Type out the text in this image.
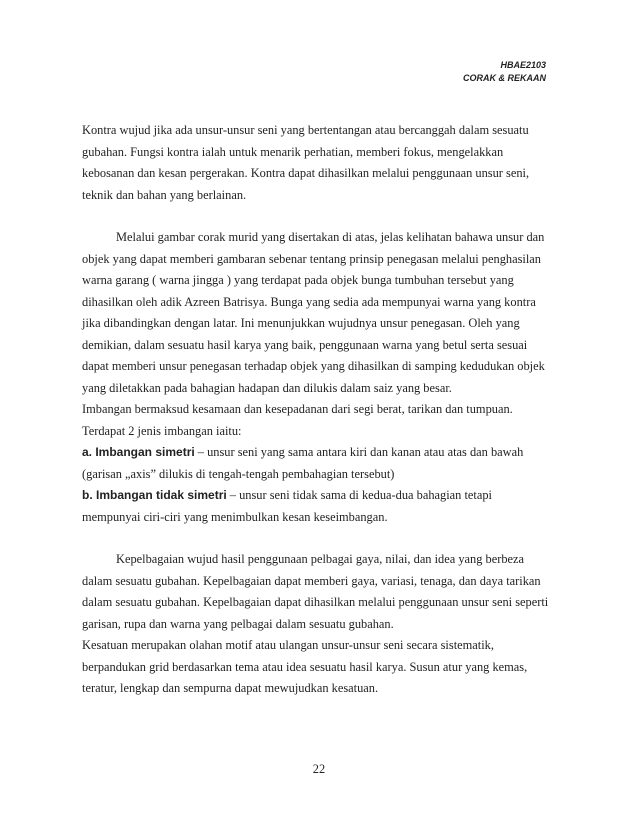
HBAE2103
CORAK & REKAAN

Kontra wujud jika ada unsur-unsur seni yang bertentangan atau bercanggah dalam sesuatu gubahan. Fungsi kontra ialah untuk menarik perhatian, memberi fokus, mengelakkan kebosanan dan kesan pergerakan. Kontra dapat dihasilkan melalui penggunaan unsur seni, teknik dan bahan yang berlainan.

Melalui gambar corak murid yang disertakan di atas, jelas kelihatan bahawa unsur dan objek yang dapat memberi gambaran sebenar tentang prinsip penegasan melalui penghasilan warna garang ( warna jingga ) yang terdapat pada objek bunga tumbuhan tersebut yang dihasilkan oleh adik Azreen Batrisya. Bunga yang sedia ada mempunyai warna yang kontra jika dibandingkan dengan latar. Ini menunjukkan wujudnya unsur penegasan. Oleh yang demikian, dalam sesuatu hasil karya yang baik, penggunaan warna yang betul serta sesuai dapat memberi unsur penegasan terhadap objek yang dihasilkan di samping kedudukan objek yang diletakkan pada bahagian hadapan dan dilukis dalam saiz yang besar.

Imbangan bermaksud kesamaan dan kesepadanan dari segi berat, tarikan dan tumpuan.

Terdapat 2 jenis imbangan iaitu:

a. Imbangan simetri – unsur seni yang sama antara kiri dan kanan atau atas dan bawah (garisan „axis” dilukis di tengah-tengah pembahagian tersebut)

b. Imbangan tidak simetri – unsur seni tidak sama di kedua-dua bahagian tetapi mempunyai ciri-ciri yang menimbulkan kesan keseimbangan.

Kepelbagaian wujud hasil penggunaan pelbagai gaya, nilai, dan idea yang berbeza dalam sesuatu gubahan. Kepelbagaian dapat memberi gaya, variasi, tenaga, dan daya tarikan dalam sesuatu gubahan. Kepelbagaian dapat dihasilkan melalui penggunaan unsur seni seperti garisan, rupa dan warna yang pelbagai dalam sesuatu gubahan.

Kesatuan merupakan olahan motif atau ulangan unsur-unsur seni secara sistematik, berpandukan grid berdasarkan tema atau idea sesuatu hasil karya. Susun atur yang kemas, teratur, lengkap dan sempurna dapat mewujudkan kesatuan.

22
